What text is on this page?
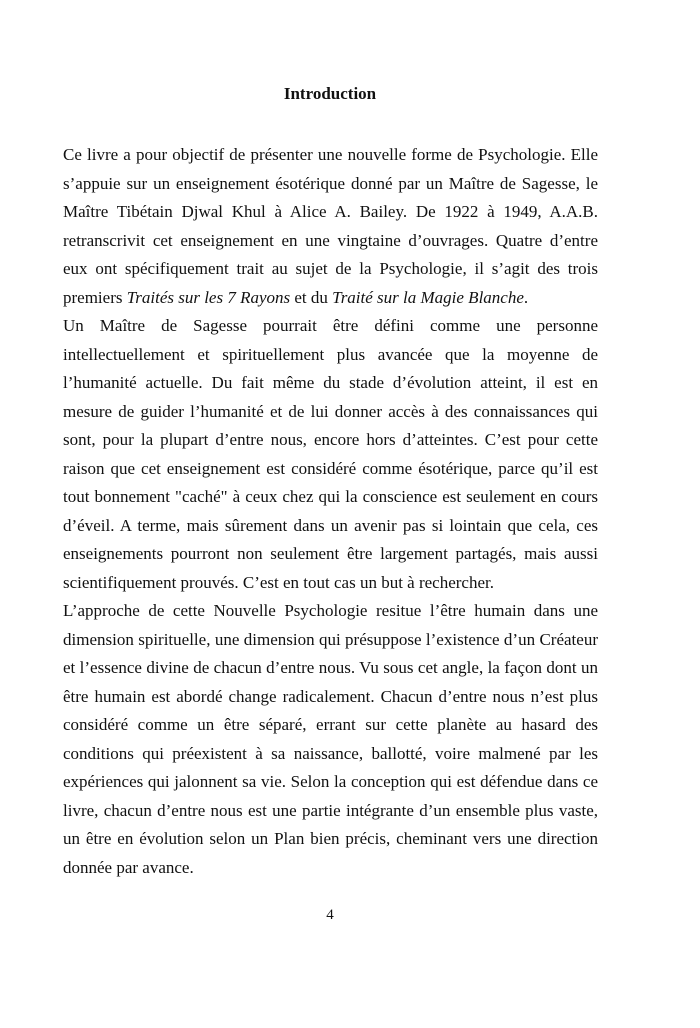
Introduction

Ce livre a pour objectif de présenter une nouvelle forme de Psychologie. Elle s’appuie sur un enseignement ésotérique donné par un Maître de Sagesse, le Maître Tibétain Djwal Khul à Alice A. Bailey. De 1922 à 1949, A.A.B. retranscrivit cet enseignement en une vingtaine d’ouvrages. Quatre d’entre eux ont spécifiquement trait au sujet de la Psychologie, il s’agit des trois premiers Traités sur les 7 Rayons et du Traité sur la Magie Blanche.

Un Maître de Sagesse pourrait être défini comme une personne intellectuellement et spirituellement plus avancée que la moyenne de l’humanité actuelle. Du fait même du stade d’évolution atteint, il est en mesure de guider l’humanité et de lui donner accès à des connaissances qui sont, pour la plupart d’entre nous, encore hors d’atteintes. C’est pour cette raison que cet enseignement est considéré comme ésotérique, parce qu’il est tout bonnement "caché" à ceux chez qui la conscience est seulement en cours d’éveil. A terme, mais sûrement dans un avenir pas si lointain que cela, ces enseignements pourront non seulement être largement partagés, mais aussi scientifiquement prouvés. C’est en tout cas un but à rechercher.

L’approche de cette Nouvelle Psychologie resitue l’être humain dans une dimension spirituelle, une dimension qui présuppose l’existence d’un Créateur et l’essence divine de chacun d’entre nous. Vu sous cet angle, la façon dont un être humain est abordé change radicalement. Chacun d’entre nous n’est plus considéré comme un être séparé, errant sur cette planète au hasard des conditions qui préexistent à sa naissance, ballotté, voire malmené par les expériences qui jalonnent sa vie. Selon la conception qui est défendue dans ce livre, chacun d’entre nous est une partie intégrante d’un ensemble plus vaste, un être en évolution selon un Plan bien précis, cheminant vers une direction donnée par avance.

4
